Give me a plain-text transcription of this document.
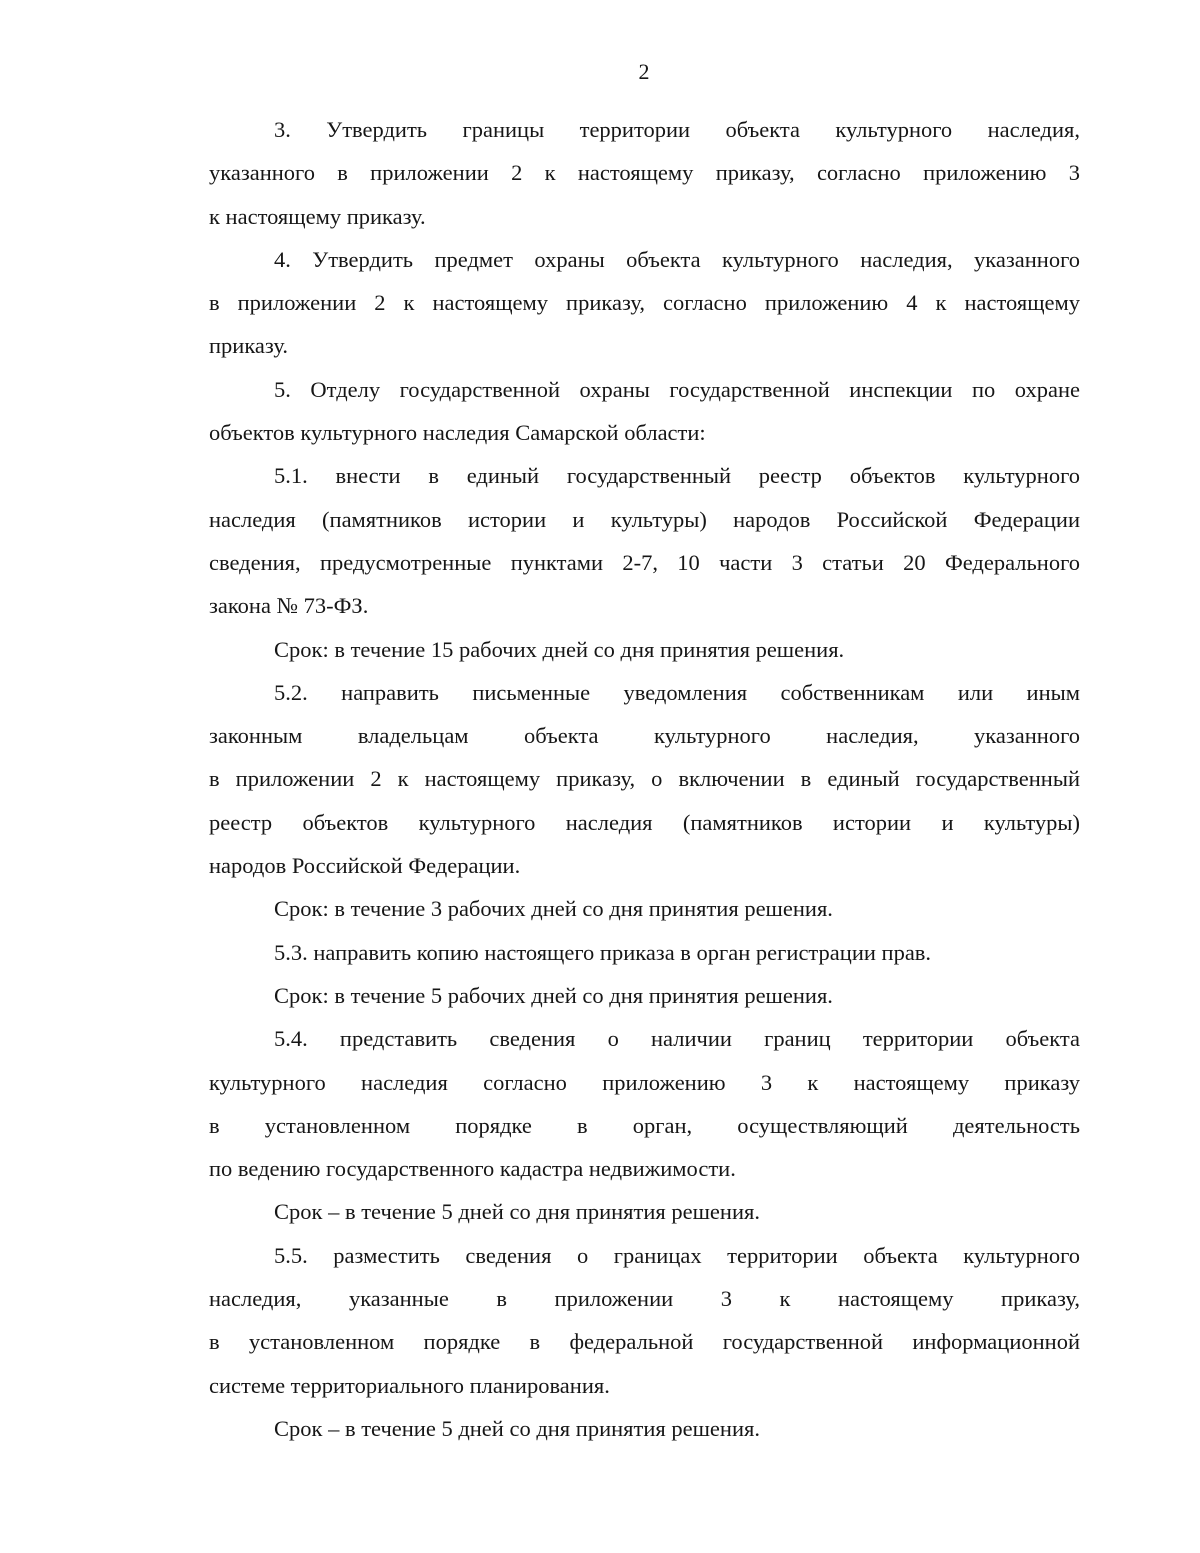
2
3. Утвердить границы территории объекта культурного наследия,
указанного в приложении 2 к настоящему приказу, согласно приложению 3
к настоящему приказу.
4. Утвердить предмет охраны объекта культурного наследия, указанного
в приложении 2 к настоящему приказу, согласно приложению 4 к настоящему
приказу.
5. Отделу государственной охраны государственной инспекции по охране
объектов культурного наследия Самарской области:
5.1. внести в единый государственный реестр объектов культурного
наследия (памятников истории и культуры) народов Российской Федерации
сведения, предусмотренные пунктами 2-7, 10 части 3 статьи 20 Федерального
закона № 73-ФЗ.
Срок: в течение 15 рабочих дней со дня принятия решения.
5.2. направить письменные уведомления собственникам или иным
законным владельцам объекта культурного наследия, указанного
в приложении 2 к настоящему приказу, о включении в единый государственный
реестр объектов культурного наследия (памятников истории и культуры)
народов Российской Федерации.
Срок: в течение 3 рабочих дней со дня принятия решения.
5.3. направить копию настоящего приказа в орган регистрации прав.
Срок: в течение 5 рабочих дней со дня принятия решения.
5.4. представить сведения о наличии границ территории объекта
культурного наследия согласно приложению 3 к настоящему приказу
в установленном порядке в орган, осуществляющий деятельность
по ведению государственного кадастра недвижимости.
Срок – в течение 5 дней со дня принятия решения.
5.5. разместить сведения о границах территории объекта культурного
наследия, указанные в приложении 3 к настоящему приказу,
в установленном порядке в федеральной государственной информационной
системе территориального планирования.
Срок – в течение 5 дней со дня принятия решения.
